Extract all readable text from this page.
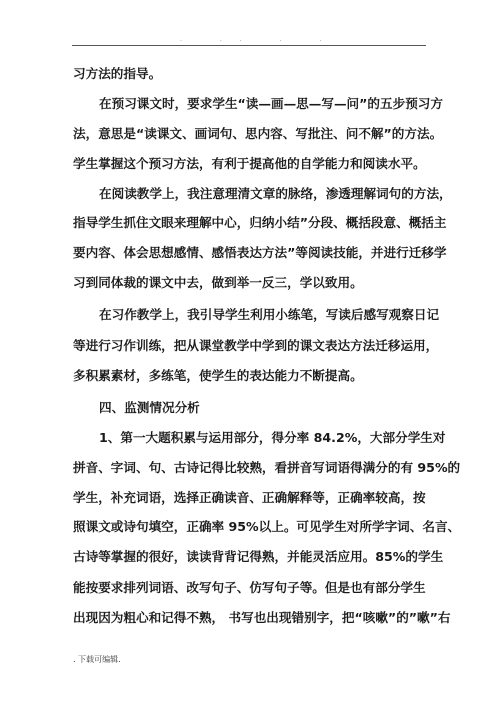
. .. . .
习方法的指导。
在预习课文时，要求学生“读—画—思—写—问”的五步预习方
法，意思是“读课文、画词句、思内容、写批注、问不解”的方法。
学生掌握这个预习方法，有利于提高他的自学能力和阅读水平。
在阅读教学上，我注意理清文章的脉络，渗透理解词句的方法，
指导学生抓住文眼来理解中心，归纳小结”分段、概括段意、概括主
要内容、体会思想感情、感悟表达方法”等阅读技能，并进行迁移学
习到同体裁的课文中去，做到举一反三，学以致用。
在习作教学上，我引导学生利用小练笔，写读后感写观察日记
等进行习作训练，把从课堂教学中学到的课文表达方法迁移运用，
多积累素材，多练笔，使学生的表达能力不断提高。
四、监测情况分析
1、第一大题积累与运用部分，得分率 84.2%，大部分学生对
拼音、字词、句、古诗记得比较熟，看拼音写词语得满分的有 95%的
学生，补充词语，选择正确读音、正确解释等，正确率较高，按
照课文或诗句填空，正确率 95%以上。可见学生对所学字词、名言、
古诗等掌握的很好，读读背背记得熟，并能灵活应用。85%的学生
能按要求排列词语、改写句子、仿写句子等。但是也有部分学生
出现因为粗心和记得不熟， 书写也出现错别字，把“咳嗽”的”嗽”右
. 下载可编辑.
